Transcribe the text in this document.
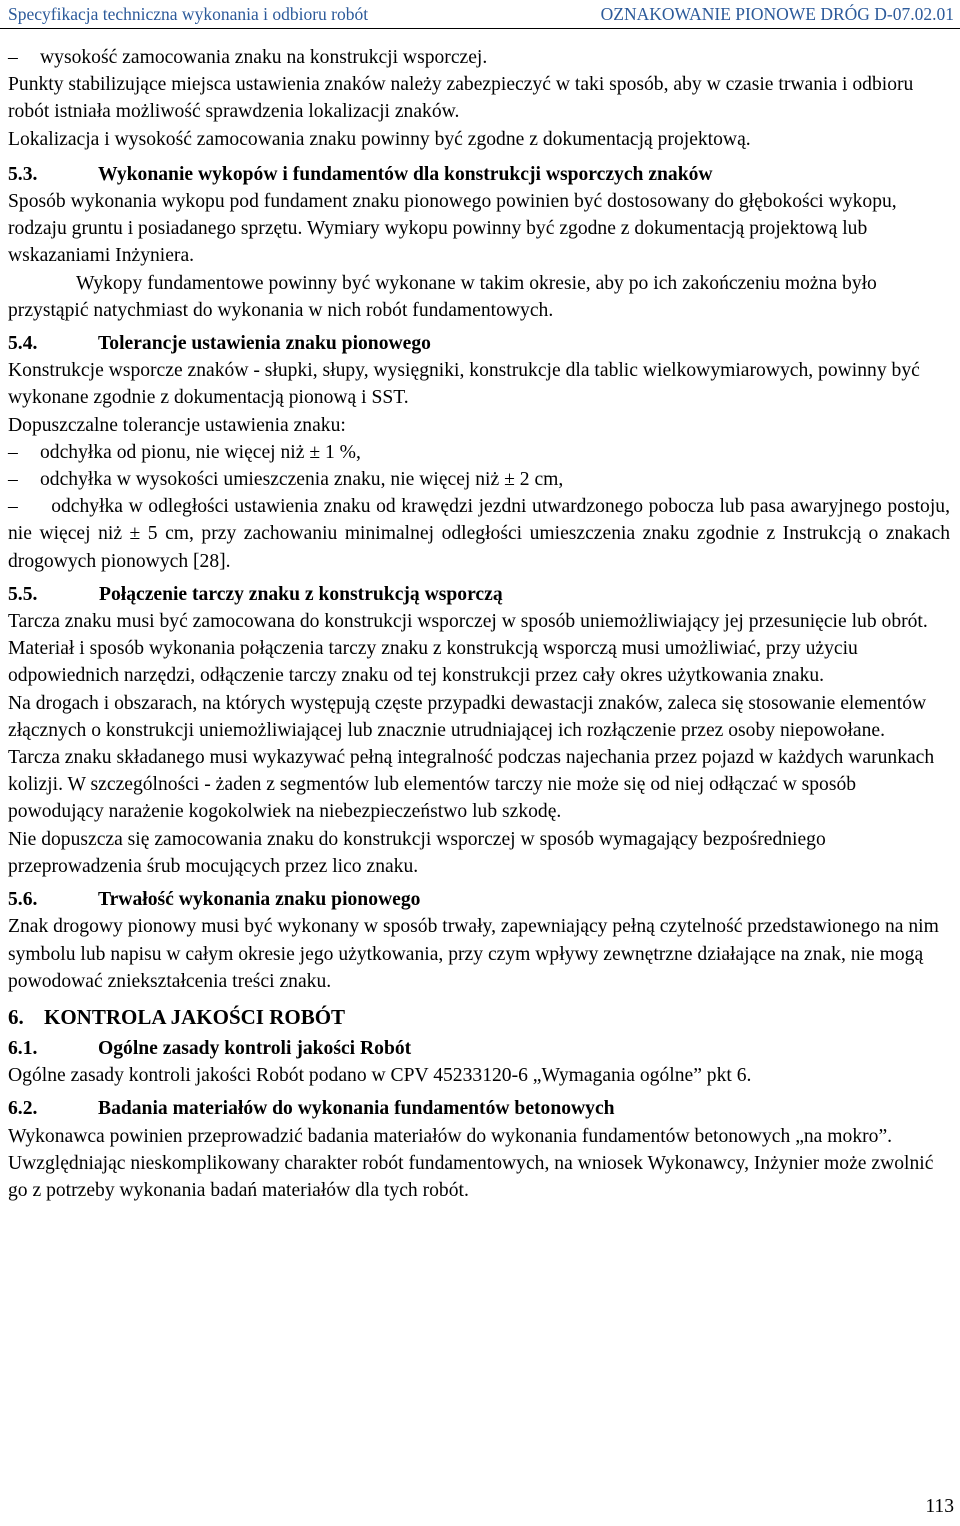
Specyfikacja techniczna wykonania i odbioru robót	OZNAKOWANIE PIONOWE DRÓG D-07.02.01

– wysokość zamocowania znaku na konstrukcji wsporczej.

Punkty stabilizujące miejsca ustawienia znaków należy zabezpieczyć w taki sposób, aby w czasie trwania i odbioru robót istniała możliwość sprawdzenia lokalizacji znaków.

Lokalizacja i wysokość zamocowania znaku powinny być zgodne z dokumentacją projektową.

5.3.	Wykonanie wykopów i fundamentów dla konstrukcji wsporczych znaków

Sposób wykonania wykopu pod fundament znaku pionowego powinien być dostosowany do głębokości wykopu, rodzaju gruntu i posiadanego sprzętu. Wymiary wykopu powinny być zgodne z dokumentacją projektową lub wskazaniami Inżyniera.

Wykopy fundamentowe powinny być wykonane w takim okresie, aby po ich zakończeniu można było przystąpić natychmiast do wykonania w nich robót fundamentowych.

5.4.	Tolerancje ustawienia znaku pionowego

Konstrukcje wsporcze znaków - słupki, słupy, wysięgniki, konstrukcje dla tablic wielkowymiarowych, powinny być wykonane zgodnie z dokumentacją pionową i SST.

Dopuszczalne tolerancje ustawienia znaku:

– odchyłka od pionu, nie więcej niż ± 1 %,

– odchyłka w wysokości umieszczenia znaku, nie więcej niż ± 2 cm,

– odchyłka w odległości ustawienia znaku od krawędzi jezdni utwardzonego pobocza lub pasa awaryjnego postoju, nie więcej niż ± 5 cm, przy zachowaniu minimalnej odległości umieszczenia znaku zgodnie z Instrukcją o znakach drogowych pionowych [28].

5.5.	Połączenie tarczy znaku z konstrukcją wsporczą

Tarcza znaku musi być zamocowana do konstrukcji wsporczej w sposób uniemożliwiający jej przesunięcie lub obrót.

Materiał i sposób wykonania połączenia tarczy znaku z konstrukcją wsporczą musi umożliwiać, przy użyciu odpowiednich narzędzi, odłączenie tarczy znaku od tej konstrukcji przez cały okres użytkowania znaku.

Na drogach i obszarach, na których występują częste przypadki dewastacji znaków, zaleca się stosowanie elementów złącznych o konstrukcji uniemożliwiającej lub znacznie utrudniającej ich rozłączenie przez osoby niepowołane.

Tarcza znaku składanego musi wykazywać pełną integralność podczas najechania przez pojazd w każdych warunkach kolizji. W szczególności - żaden z segmentów lub elementów tarczy nie może się od niej odłączać w sposób powodujący narażenie kogokolwiek na niebezpieczeństwo lub szkodę.

Nie dopuszcza się zamocowania znaku do konstrukcji wsporczej w sposób wymagający bezpośredniego przeprowadzenia śrub mocujących przez lico znaku.

5.6.	Trwałość wykonania znaku pionowego

Znak drogowy pionowy musi być wykonany w sposób trwały, zapewniający pełną czytelność przedstawionego na nim symbolu lub napisu w całym okresie jego użytkowania, przy czym wpływy zewnętrzne działające na znak, nie mogą powodować zniekształcenia treści znaku.

6. KONTROLA JAKOŚCI ROBÓT
6.1.	Ogólne zasady kontroli jakości Robót

Ogólne zasady kontroli jakości Robót podano w CPV 45233120-6 „Wymagania ogólne” pkt 6.

6.2.	Badania materiałów do wykonania fundamentów betonowych

Wykonawca powinien przeprowadzić badania materiałów do wykonania fundamentów betonowych „na mokro”. Uwzględniając nieskomplikowany charakter robót fundamentowych, na wniosek Wykonawcy, Inżynier może zwolnić go z potrzeby wykonania badań materiałów dla tych robót.

113
